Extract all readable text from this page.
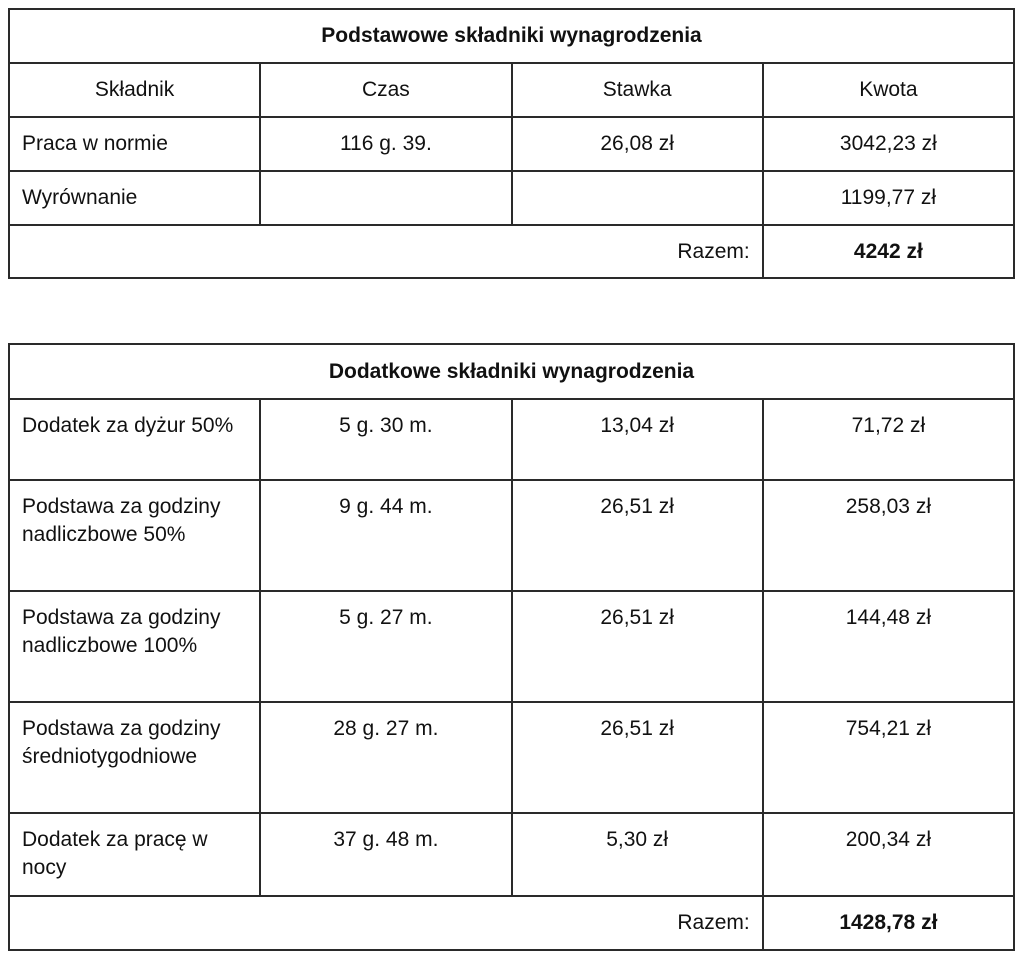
Podstawowe składniki wynagrodzenia			
Składnik	Czas	Stawka	Kwota
Praca w normie	116 g. 39.	26,08 zł	3042,23 zł
Wyrównanie			1199,77 zł
Razem:			4242 zł
Dodatkowe składniki wynagrodzenia			
Dodatek za dyżur 50%	5 g. 30 m.	13,04 zł	71,72 zł
Podstawa za godziny nadliczbowe 50%	9 g. 44 m.	26,51 zł	258,03 zł
Podstawa za godziny nadliczbowe 100%	5 g. 27 m.	26,51 zł	144,48 zł
Podstawa za godziny średniotygodniowe	28 g. 27 m.	26,51 zł	754,21 zł
Dodatek za pracę w nocy	37 g. 48 m.	5,30 zł	200,34 zł
Razem:			1428,78 zł
